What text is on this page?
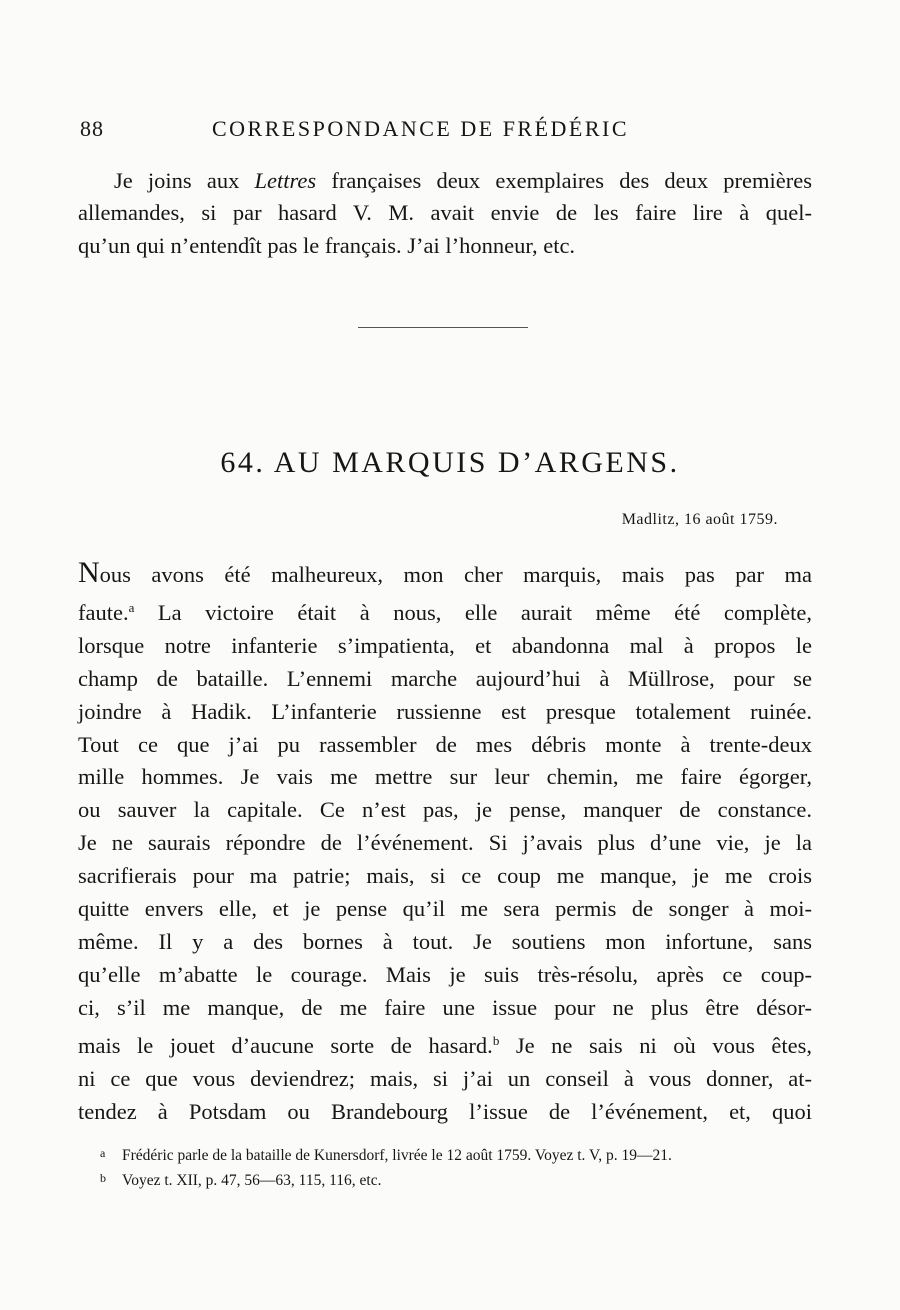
88	CORRESPONDANCE DE FRÉDÉRIC
Je joins aux Lettres françaises deux exemplaires des deux premières
allemandes, si par hasard V. M. avait envie de les faire lire à quel-
qu’un qui n’entendît pas le français. J’ai l’honneur, etc.
64. AU MARQUIS D’ARGENS.
Madlitz, 16 août 1759.
Nous avons été malheureux, mon cher marquis, mais pas par ma
faute.$^a$ La victoire était à nous, elle aurait même été complète,
lorsque notre infanterie s’impatienta, et abandonna mal à propos le
champ de bataille. L’ennemi marche aujourd’hui à Müllrose, pour se
joindre à Hadik. L’infanterie russienne est presque totalement ruinée.
Tout ce que j’ai pu rassembler de mes débris monte à trente-deux
mille hommes. Je vais me mettre sur leur chemin, me faire égorger,
ou sauver la capitale. Ce n’est pas, je pense, manquer de constance.
Je ne saurais répondre de l’événement. Si j’avais plus d’une vie, je la
sacrifierais pour ma patrie; mais, si ce coup me manque, je me crois
quitte envers elle, et je pense qu’il me sera permis de songer à moi-
même. Il y a des bornes à tout. Je soutiens mon infortune, sans
qu’elle m’abatte le courage. Mais je suis très-résolu, après ce coup-
ci, s’il me manque, de me faire une issue pour ne plus être désor-
mais le jouet d’aucune sorte de hasard.$^b$ Je ne sais ni où vous êtes,
ni ce que vous deviendrez; mais, si j’ai un conseil à vous donner, at-
tendez à Potsdam ou Brandebourg l’issue de l’événement, et, quoi
a Frédéric parle de la bataille de Kunersdorf, livrée le 12 août 1759. Voyez t. V, p. 19—21.
b Voyez t. XII, p. 47, 56—63, 115, 116, etc.
